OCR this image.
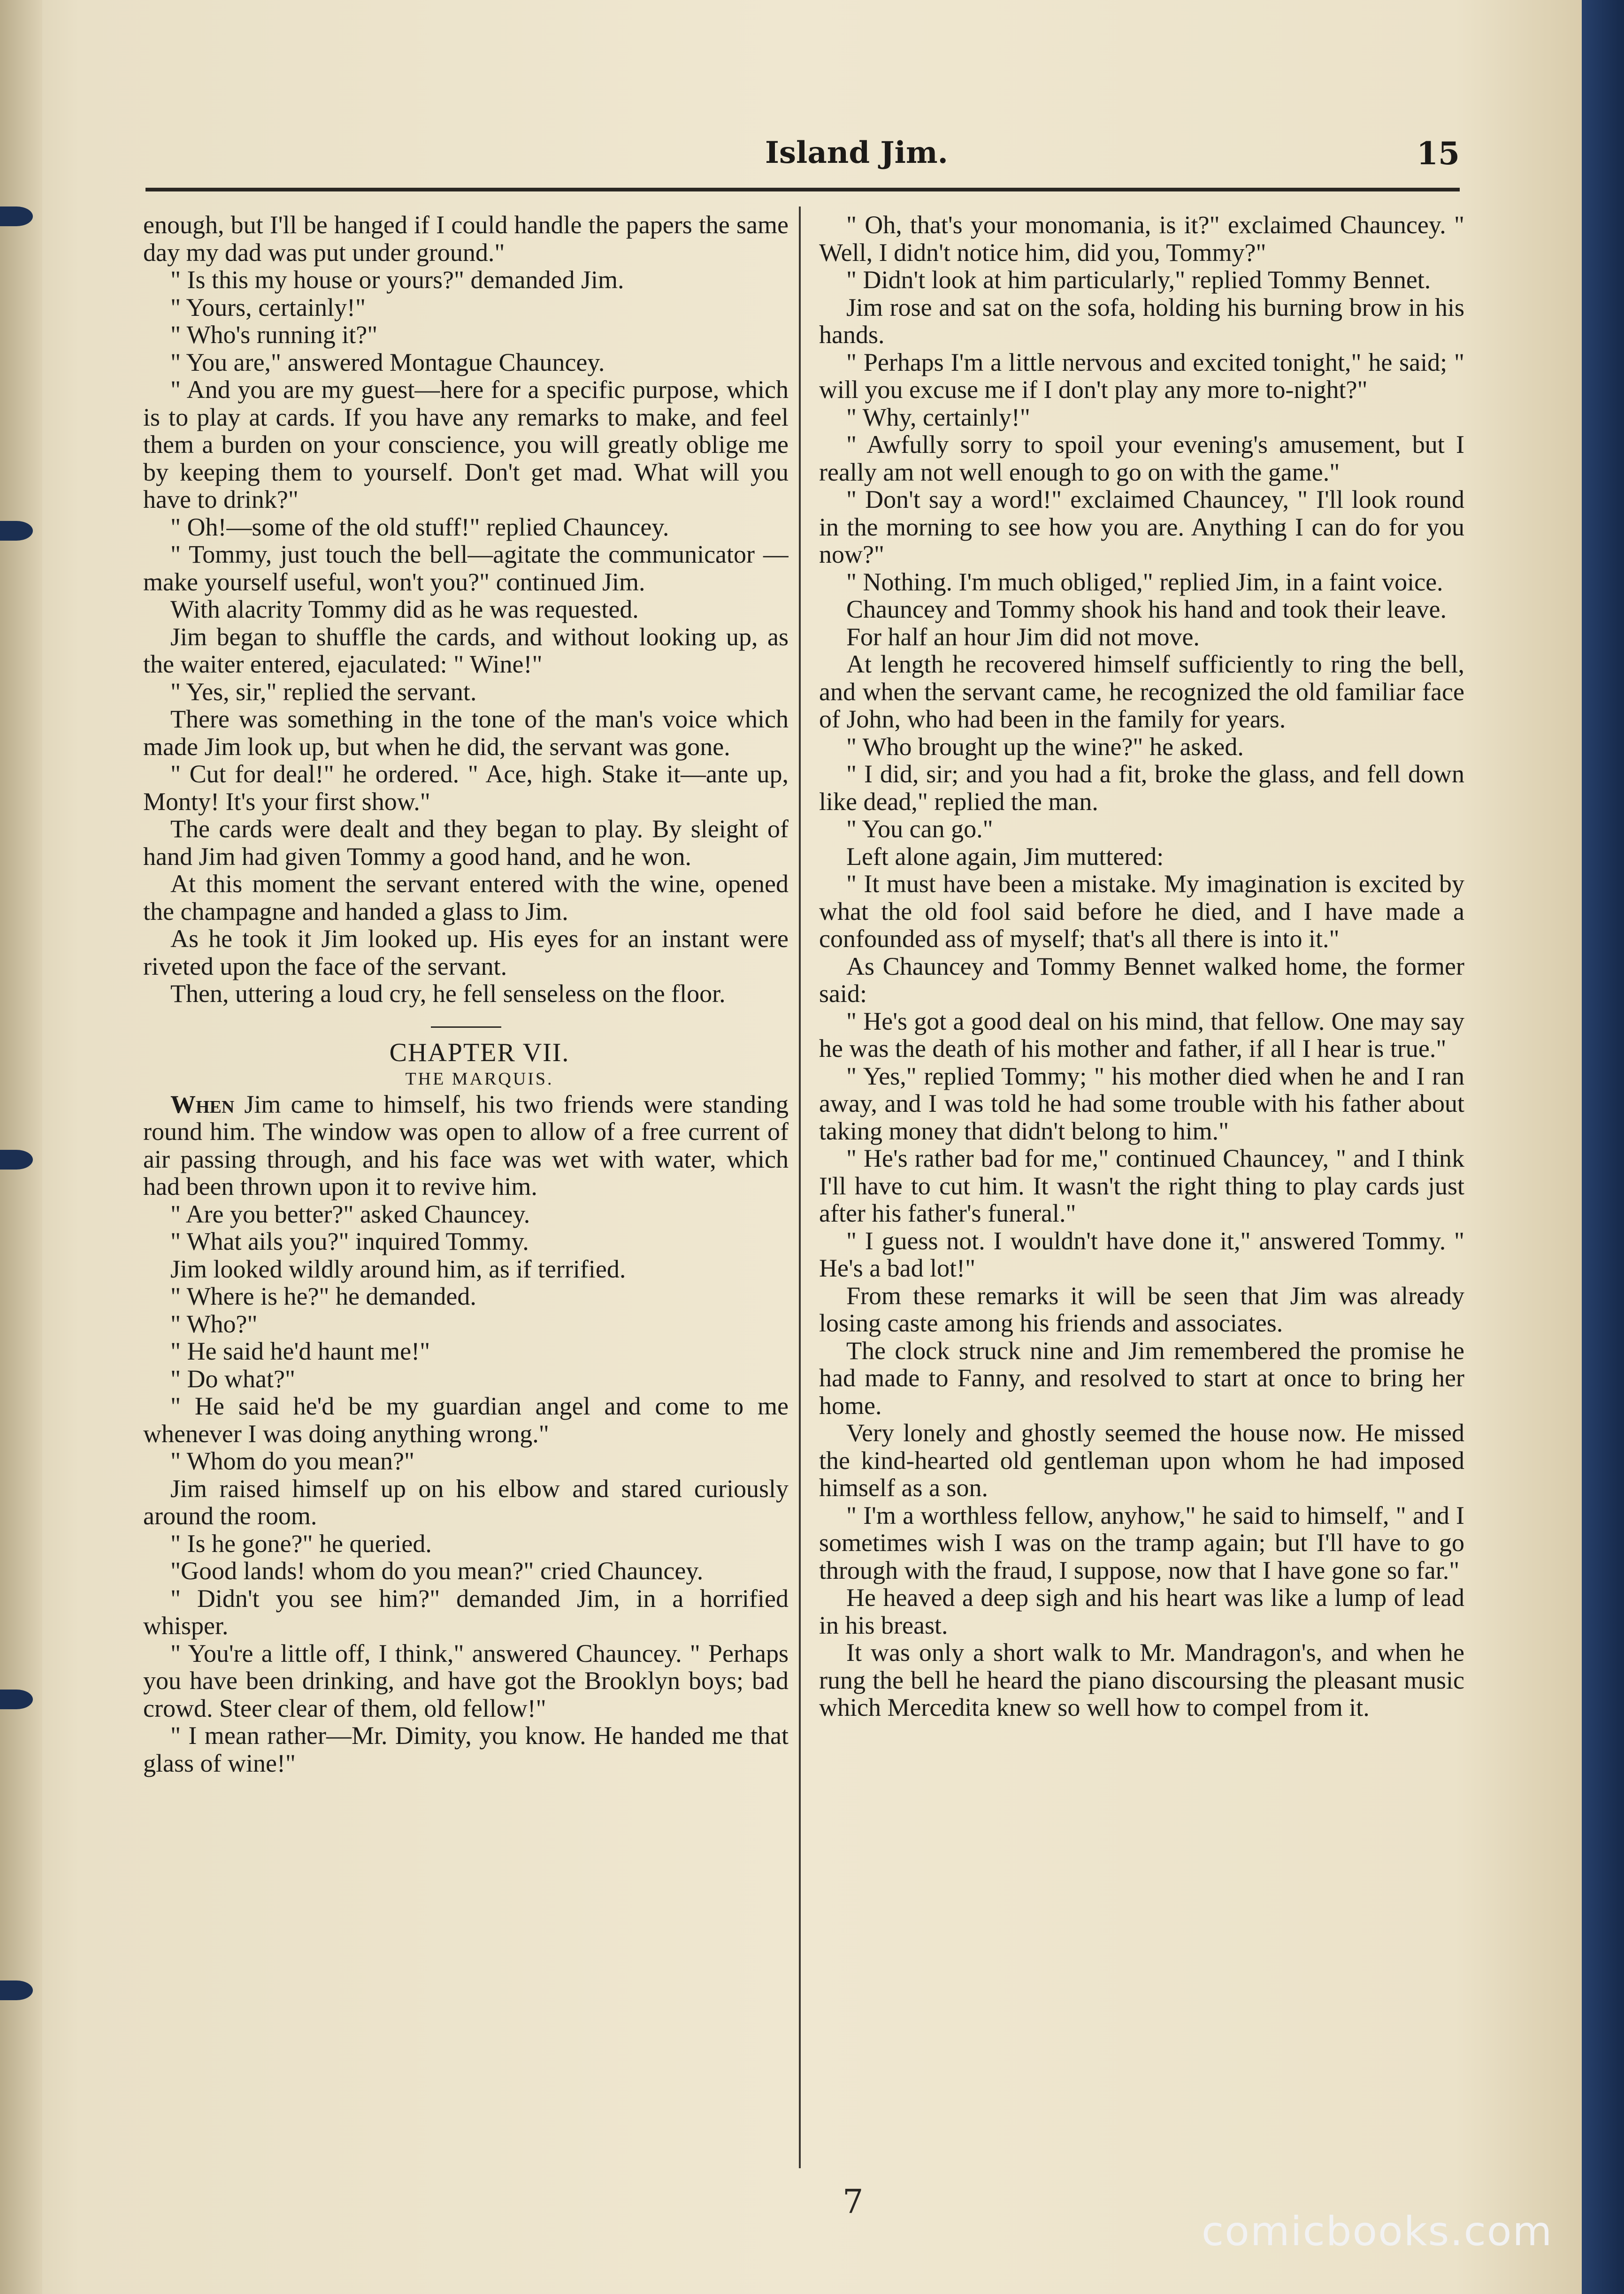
Island Jim.	15

enough, but I'll be hanged if I could handle the papers the same day my dad was put under ground."

" Is this my house or yours?" demanded Jim.

" Yours, certainly!"

" Who's running it?"

" You are," answered Montague Chauncey.

" And you are my guest—here for a specific purpose, which is to play at cards. If you have any remarks to make, and feel them a burden on your conscience, you will greatly oblige me by keeping them to yourself. Don't get mad. What will you have to drink?"

" Oh!—some of the old stuff!" replied Chauncey.

" Tommy, just touch the bell—agitate the communicator — make yourself useful, won't you?" continued Jim.

With alacrity Tommy did as he was requested.

Jim began to shuffle the cards, and without looking up, as the waiter entered, ejaculated: " Wine!"

" Yes, sir," replied the servant.

There was something in the tone of the man's voice which made Jim look up, but when he did, the servant was gone.

" Cut for deal!" he ordered. " Ace, high. Stake it—ante up, Monty! It's your first show."

The cards were dealt and they began to play. By sleight of hand Jim had given Tommy a good hand, and he won.

At this moment the servant entered with the wine, opened the champagne and handed a glass to Jim.

As he took it Jim looked up. His eyes for an instant were riveted upon the face of the servant.

Then, uttering a loud cry, he fell senseless on the floor.

CHAPTER VII.

THE MARQUIS.

When Jim came to himself, his two friends were standing round him. The window was open to allow of a free current of air passing through, and his face was wet with water, which had been thrown upon it to revive him.

" Are you better?" asked Chauncey.

" What ails you?" inquired Tommy.

Jim looked wildly around him, as if terrified.

" Where is he?" he demanded.

" Who?"

" He said he'd haunt me!"

" Do what?"

" He said he'd be my guardian angel and come to me whenever I was doing anything wrong."

" Whom do you mean?"

Jim raised himself up on his elbow and stared curiously around the room.

" Is he gone?" he queried.

"Good lands! whom do you mean?" cried Chauncey.

" Didn't you see him?" demanded Jim, in a horrified whisper.

" You're a little off, I think," answered Chauncey. " Perhaps you have been drinking, and have got the Brooklyn boys; bad crowd. Steer clear of them, old fellow!"

" I mean rather—Mr. Dimity, you know. He handed me that glass of wine!"

" Oh, that's your monomania, is it?" exclaimed Chauncey. " Well, I didn't notice him, did you, Tommy?"

" Didn't look at him particularly," replied Tommy Bennet.

Jim rose and sat on the sofa, holding his burning brow in his hands.

" Perhaps I'm a little nervous and excited tonight," he said; " will you excuse me if I don't play any more to-night?"

" Why, certainly!"

" Awfully sorry to spoil your evening's amusement, but I really am not well enough to go on with the game."

" Don't say a word!" exclaimed Chauncey, " I'll look round in the morning to see how you are. Anything I can do for you now?"

" Nothing. I'm much obliged," replied Jim, in a faint voice.

Chauncey and Tommy shook his hand and took their leave.

For half an hour Jim did not move.

At length he recovered himself sufficiently to ring the bell, and when the servant came, he recognized the old familiar face of John, who had been in the family for years.

" Who brought up the wine?" he asked.

" I did, sir; and you had a fit, broke the glass, and fell down like dead," replied the man.

" You can go."

Left alone again, Jim muttered:

" It must have been a mistake. My imagination is excited by what the old fool said before he died, and I have made a confounded ass of myself; that's all there is into it."

As Chauncey and Tommy Bennet walked home, the former said:

" He's got a good deal on his mind, that fellow. One may say he was the death of his mother and father, if all I hear is true."

" Yes," replied Tommy; " his mother died when he and I ran away, and I was told he had some trouble with his father about taking money that didn't belong to him."

" He's rather bad for me," continued Chauncey, " and I think I'll have to cut him. It wasn't the right thing to play cards just after his father's funeral."

" I guess not. I wouldn't have done it," answered Tommy. " He's a bad lot!"

From these remarks it will be seen that Jim was already losing caste among his friends and associates.

The clock struck nine and Jim remembered the promise he had made to Fanny, and resolved to start at once to bring her home.

Very lonely and ghostly seemed the house now. He missed the kind-hearted old gentleman upon whom he had imposed himself as a son.

" I'm a worthless fellow, anyhow," he said to himself, " and I sometimes wish I was on the tramp again; but I'll have to go through with the fraud, I suppose, now that I have gone so far."

He heaved a deep sigh and his heart was like a lump of lead in his breast.

It was only a short walk to Mr. Mandragon's, and when he rung the bell he heard the piano discoursing the pleasant music which Mercedita knew so well how to compel from it.

7
comicbooks.com
